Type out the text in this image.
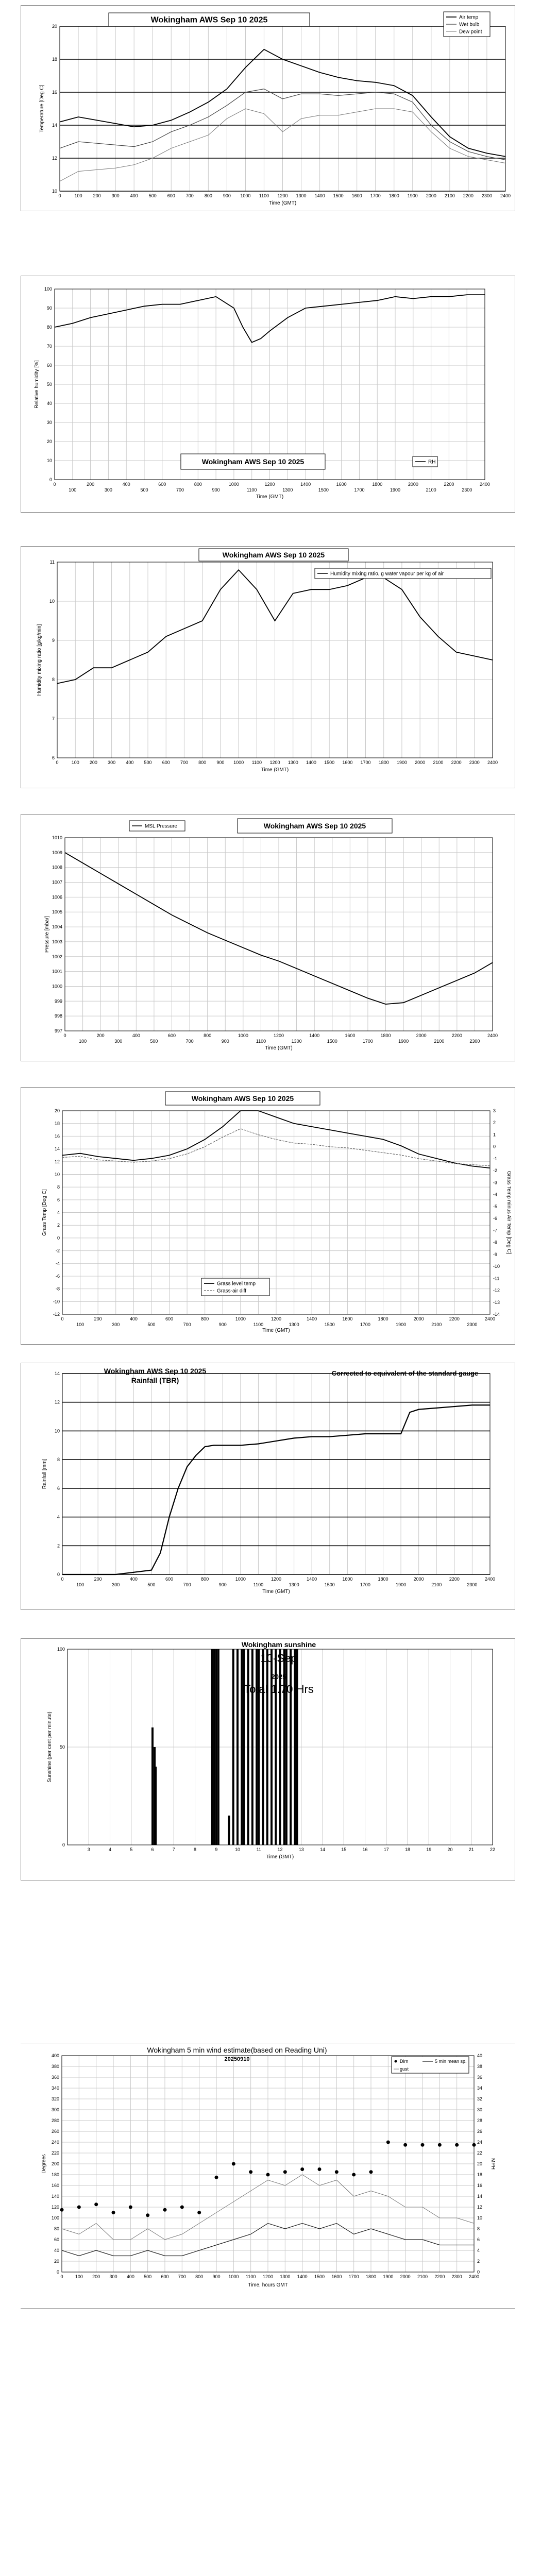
0	100 200 300 400 500 600 700 800 900 1000 1100 1200 1300 1400 1500 1600 1700 1800 1900 2000 2100 2200 2300 2400
10
12
14
16
18
20
Wokingham AWS Sep 10 2025	Air temp
Wet bulb
Dew point
Time (GMT)
Temperature [Deg C]
0
100
200
300
400
500
600
700
800
900
1000
1100
1200
1300
1400
1500
1600
1700
1800
1900
2000
2100
2200
2300
2400
0
10
20
30
40
50
60
70
80
90
100
Wokingham AWS Sep 10 2025	RH
Time (GMT)
Relative humidity [%]
0	100 200 300 400 500 600 700 800 900 1000 1100 1200 1300 1400 1500 1600 1700 1800 1900 2000 2100 2200 2300 2400
6
7
8
9
10
11
Wokingham AWS Sep 10 2025
Humidity mixing ratio, g water vapour per kg of air
Time (GMT)
Humidity mixing ratio [g/kg/min]
0
100
200
300
400
500
600
700
800
900
1000
1100
1200
1300
1400
1500
1600
1700
1800
1900
2000
2100
2200
2300
2400
997
998
999
1000
1001
1002
1003
1004
1005
1006
1007
1008
1009
1010
MSL Pressure	Wokingham AWS Sep 10 2025
Time (GMT)
Pressure [mbar]
0
100
200
300
400
500
600
700
800
900
1000
1100
1200
1300
1400
1500
1600
1700
1800
1900
2000
2100
2200
2300
2400
-12
-10
-8
-6
-4
-2
0
2
4
6
8
10
12
14
16
18
20
-14
-13
-12
-11
-10
-9
-8
-7
-6
-5
-4
-3
-2
-1
0
1
2
3
Wokingham AWS Sep 10 2025
Grass level temp
Grass-air diff
Time (GMT)
Grass Temp [Deg C]	Grass Temp minus Air Temp [Deg C]
0
100
200
300
400
500
600
700
800
900
1000
1100
1200
1300
1400
1500
1600
1700
1800
1900
2000
2100
2200
2300
2400
0
2
4
6
8
10
12
14	Wokingham AWS Sep 10 2025
Rainfall (TBR)
Corrected to equivalent of the standard gauge
Time (GMT)
Rainfall [mm]
3	4	5	6	7	8	9	10	11	12	13	14	15	16	17	18	19	20	21	22
0
50
100
Wokingham sunshine
10-Sep
2025
Total 1.70 Hrs
Time (GMT)
Sunshine (per cent per minute)
0	100 200 300 400 500 600 700 800 900 1000 1100 1200 1300 1400 1500 1600 1700 1800 1900 2000 2100 2200 2300 2400
0
20
40
60
80
100
120
140
160
180
200
220
240
260
280
300
320
340
360
380
400
0
2
4
6
8
10
12
14
16
18
20
22
24
26
28
30
32
34
36
38
40
Wokingham 5 min wind estimate(based on Reading Uni)
20250910	Dirn	5 min mean sp.
gust
Time, hours GMT
Degrees	MPH
